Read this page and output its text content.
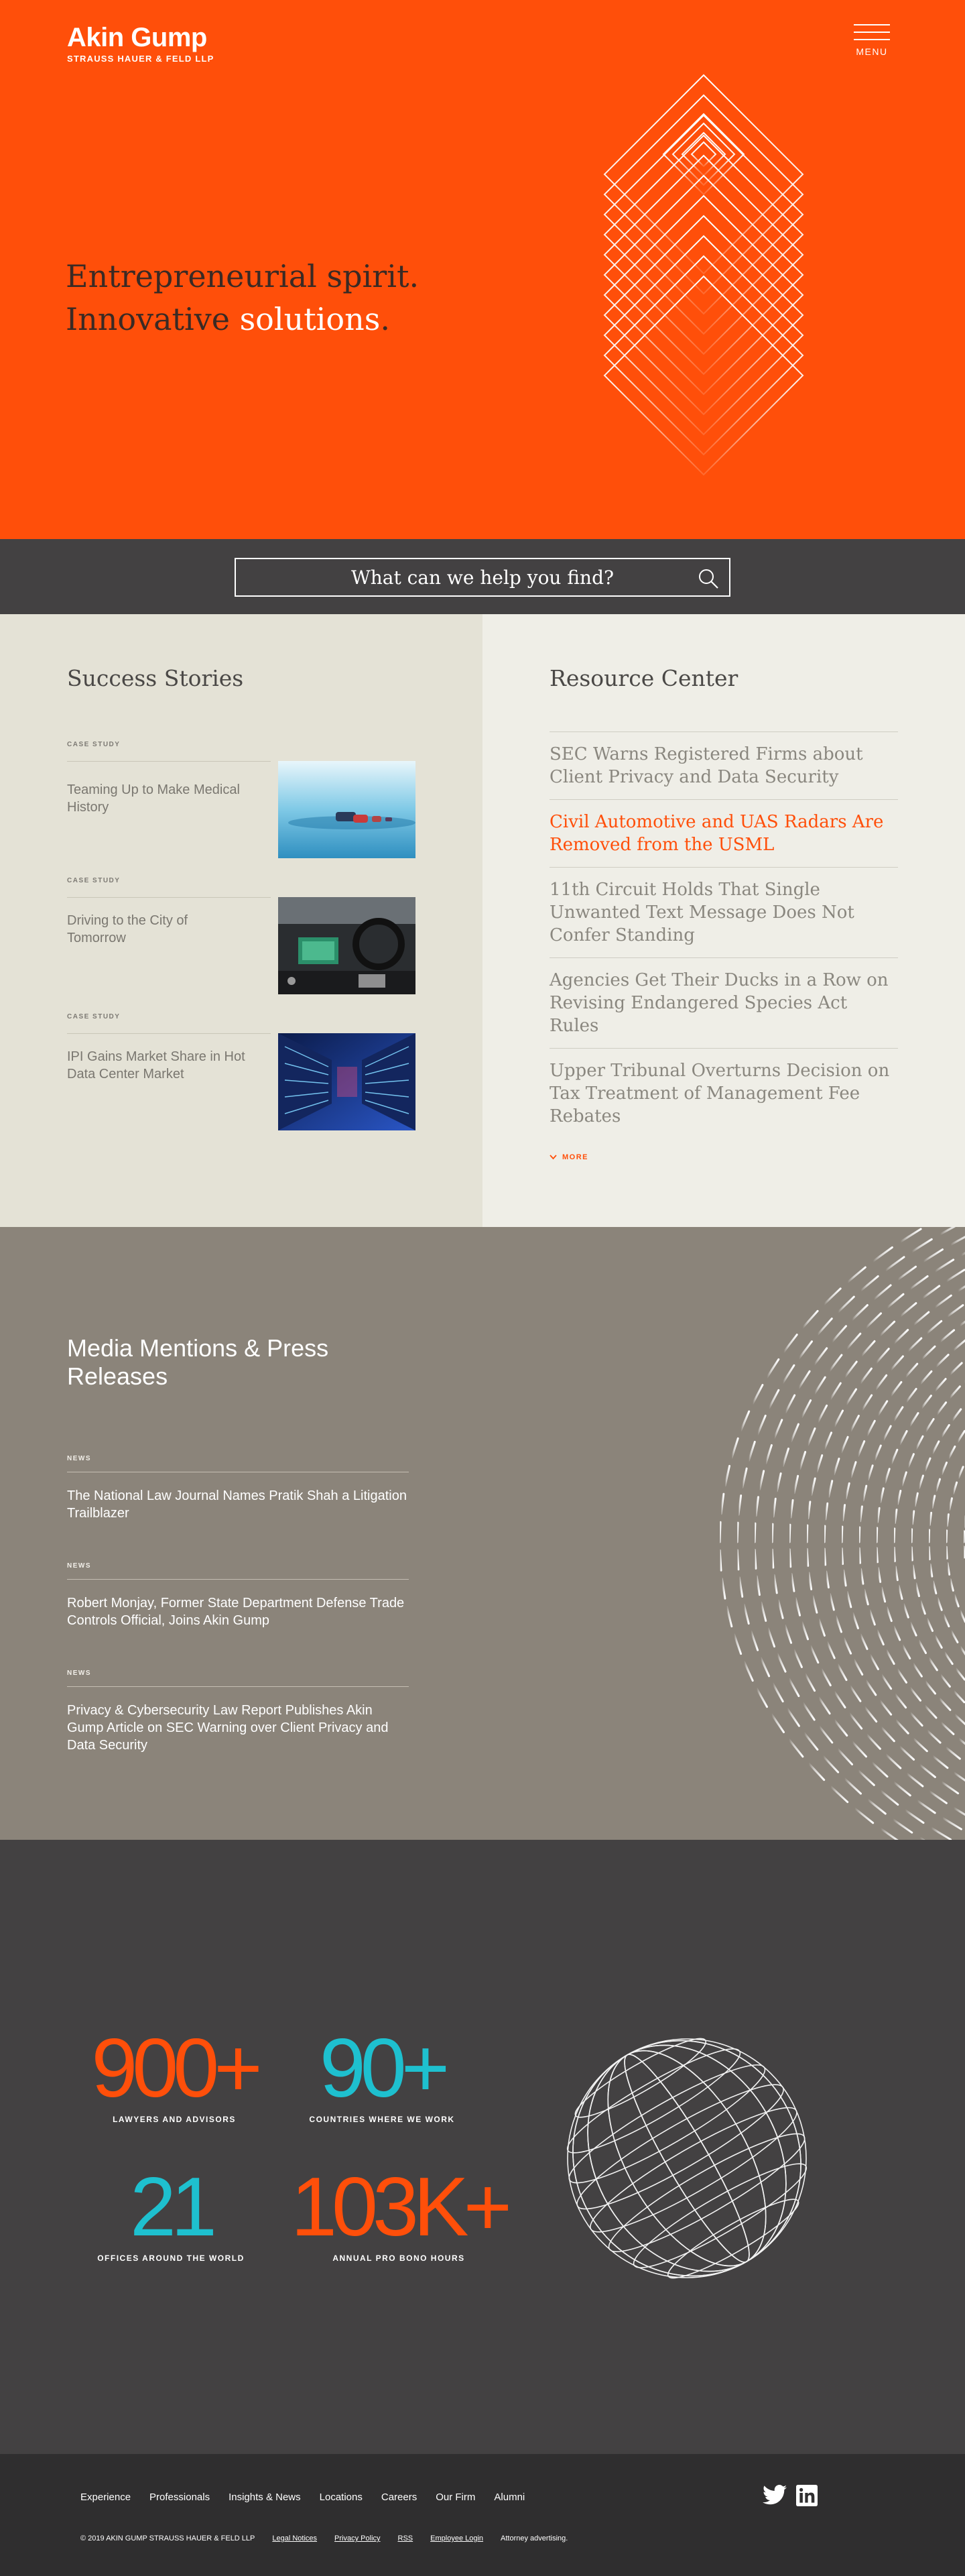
Akin Gump
STRAUSS HAUER & FELD LLP
MENU
Entrepreneurial spirit.
Innovative solutions.
What can we help you find?
Success Stories
CASE STUDY
Teaming Up to Make Medical History
CASE STUDY
Driving to the City of Tomorrow
CASE STUDY
IPI Gains Market Share in Hot Data Center Market
Resource Center
SEC Warns Registered Firms about Client Privacy and Data Security
Civil Automotive and UAS Radars Are Removed from the USML
11th Circuit Holds That Single Unwanted Text Message Does Not Confer Standing
Agencies Get Their Ducks in a Row on Revising Endangered Species Act Rules
Upper Tribunal Overturns Decision on Tax Treatment of Management Fee Rebates
MORE
Media Mentions & Press Releases
NEWS
The National Law Journal Names Pratik Shah a Litigation Trailblazer
NEWS
Robert Monjay, Former State Department Defense Trade Controls Official, Joins Akin Gump
NEWS
Privacy & Cybersecurity Law Report Publishes Akin Gump Article on SEC Warning over Client Privacy and Data Security
900+
LAWYERS AND ADVISORS
90+
COUNTRIES WHERE WE WORK
21
OFFICES AROUND THE WORLD
103K+
ANNUAL PRO BONO HOURS
Experience Professionals Insights & News Locations Careers Our Firm Alumni
© 2019 AKIN GUMP STRAUSS HAUER & FELD LLP Legal Notices Privacy Policy RSS Employee Login Attorney advertising.
